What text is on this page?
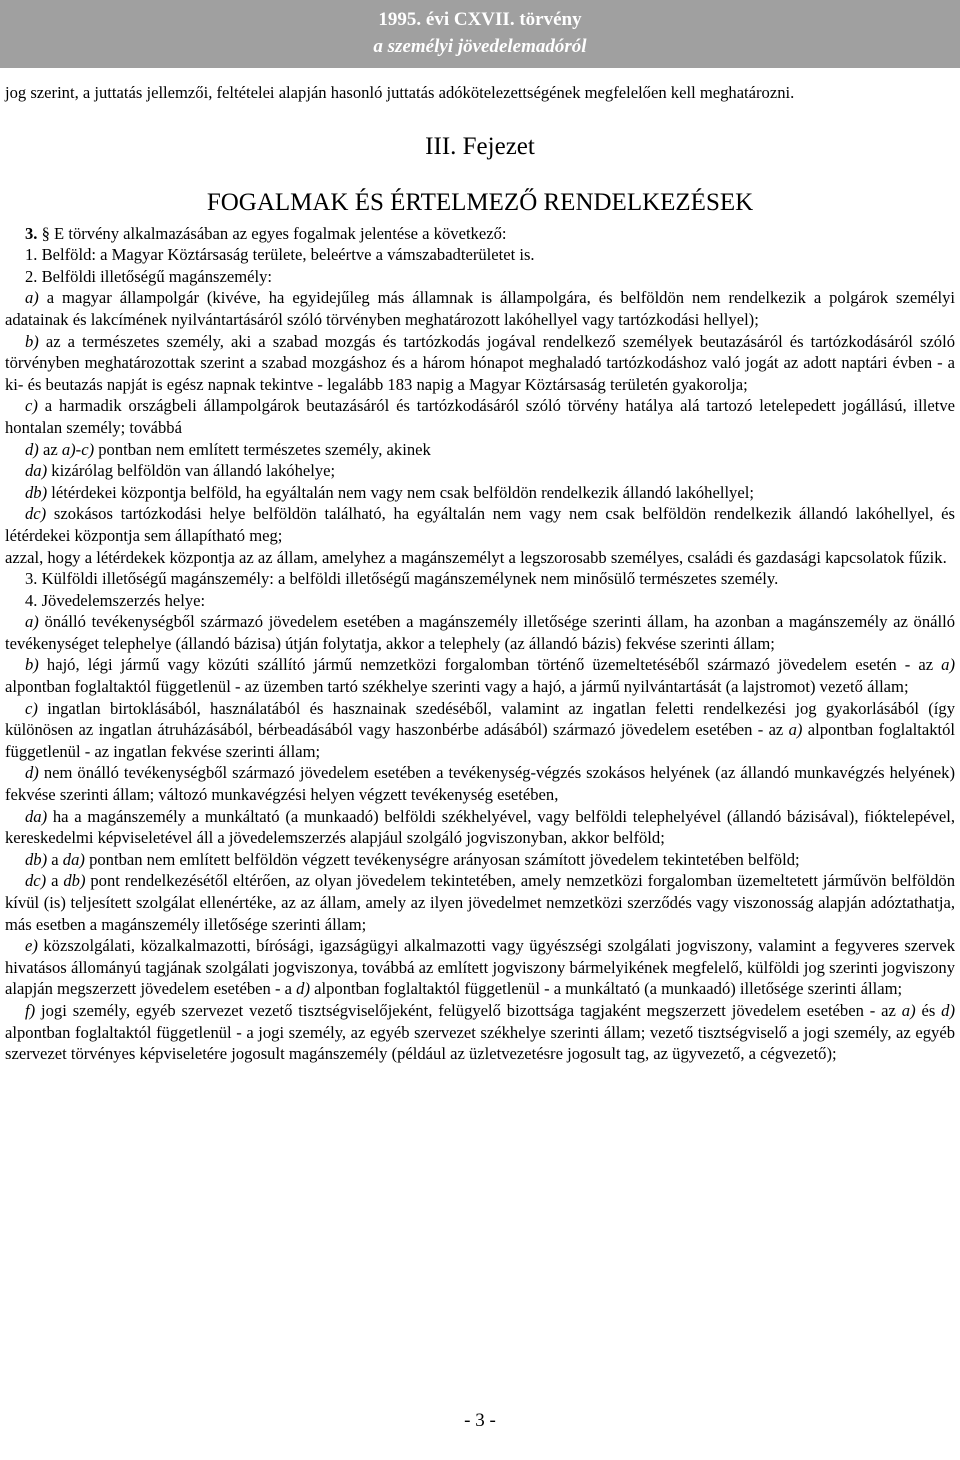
1995. évi CXVII. törvény
a személyi jövedelemadóról

jog szerint, a juttatás jellemzői, feltételei alapján hasonló juttatás adókötelezettségének megfelelően kell meghatározni.

III. Fejezet

FOGALMAK ÉS ÉRTELMEZŐ RENDELKEZÉSEK

3. § E törvény alkalmazásában az egyes fogalmak jelentése a következő:

1. Belföld: a Magyar Köztársaság területe, beleértve a vámszabadterületet is.

2. Belföldi illetőségű magánszemély:

a) a magyar állampolgár (kivéve, ha egyidejűleg más államnak is állampolgára, és belföldön nem rendelkezik a polgárok személyi adatainak és lakcímének nyilvántartásáról szóló törvényben meghatározott lakóhellyel vagy tartózkodási hellyel);

b) az a természetes személy, aki a szabad mozgás és tartózkodás jogával rendelkező személyek beutazásáról és tartózkodásáról szóló törvényben meghatározottak szerint a szabad mozgáshoz és a három hónapot meghaladó tartózkodáshoz való jogát az adott naptári évben - a ki- és beutazás napját is egész napnak tekintve - legalább 183 napig a Magyar Köztársaság területén gyakorolja;

c) a harmadik országbeli állampolgárok beutazásáról és tartózkodásáról szóló törvény hatálya alá tartozó letelepedett jogállású, illetve hontalan személy; továbbá

d) az a)-c) pontban nem említett természetes személy, akinek

da) kizárólag belföldön van állandó lakóhelye;

db) létérdekei központja belföld, ha egyáltalán nem vagy nem csak belföldön rendelkezik állandó lakóhellyel;

dc) szokásos tartózkodási helye belföldön található, ha egyáltalán nem vagy nem csak belföldön rendelkezik állandó lakóhellyel, és létérdekei központja sem állapítható meg;

azzal, hogy a létérdekek központja az az állam, amelyhez a magánszemélyt a legszorosabb személyes, családi és gazdasági kapcsolatok fűzik.

3. Külföldi illetőségű magánszemély: a belföldi illetőségű magánszemélynek nem minősülő természetes személy.

4. Jövedelemszerzés helye:

a) önálló tevékenységből származó jövedelem esetében a magánszemély illetősége szerinti állam, ha azonban a magánszemély az önálló tevékenységet telephelye (állandó bázisa) útján folytatja, akkor a telephely (az állandó bázis) fekvése szerinti állam;

b) hajó, légi jármű vagy közúti szállító jármű nemzetközi forgalomban történő üzemeltetéséből származó jövedelem esetén - az a) alpontban foglaltaktól függetlenül - az üzemben tartó székhelye szerinti vagy a hajó, a jármű nyilvántartását (a lajstromot) vezető állam;

c) ingatlan birtoklásából, használatából és hasznainak szedéséből, valamint az ingatlan feletti rendelkezési jog gyakorlásából (így különösen az ingatlan átruházásából, bérbeadásából vagy haszonbérbe adásából) származó jövedelem esetében - az a) alpontban foglaltaktól függetlenül - az ingatlan fekvése szerinti állam;

d) nem önálló tevékenységből származó jövedelem esetében a tevékenység-végzés szokásos helyének (az állandó munkavégzés helyének) fekvése szerinti állam; változó munkavégzési helyen végzett tevékenység esetében,

da) ha a magánszemély a munkáltató (a munkaadó) belföldi székhelyével, vagy belföldi telephelyével (állandó bázisával), fióktelepével, kereskedelmi képviseletével áll a jövedelemszerzés alapjául szolgáló jogviszonyban, akkor belföld;

db) a da) pontban nem említett belföldön végzett tevékenységre arányosan számított jövedelem tekintetében belföld;

dc) a db) pont rendelkezésétől eltérően, az olyan jövedelem tekintetében, amely nemzetközi forgalomban üzemeltetett járművön belföldön kívül (is) teljesített szolgálat ellenértéke, az az állam, amely az ilyen jövedelmet nemzetközi szerződés vagy viszonosság alapján adóztathatja, más esetben a magánszemély illetősége szerinti állam;

e) közszolgálati, közalkalmazotti, bírósági, igazságügyi alkalmazotti vagy ügyészségi szolgálati jogviszony, valamint a fegyveres szervek hivatásos állományú tagjának szolgálati jogviszonya, továbbá az említett jogviszony bármelyikének megfelelő, külföldi jog szerinti jogviszony alapján megszerzett jövedelem esetében - a d) alpontban foglaltaktól függetlenül - a munkáltató (a munkaadó) illetősége szerinti állam;

f) jogi személy, egyéb szervezet vezető tisztségviselőjeként, felügyelő bizottsága tagjaként megszerzett jövedelem esetében - az a) és d) alpontban foglaltaktól függetlenül - a jogi személy, az egyéb szervezet székhelye szerinti állam; vezető tisztségviselő a jogi személy, az egyéb szervezet törvényes képviseletére jogosult magánszemély (például az üzletvezetésre jogosult tag, az ügyvezető, a cégvezető);

- 3 -
